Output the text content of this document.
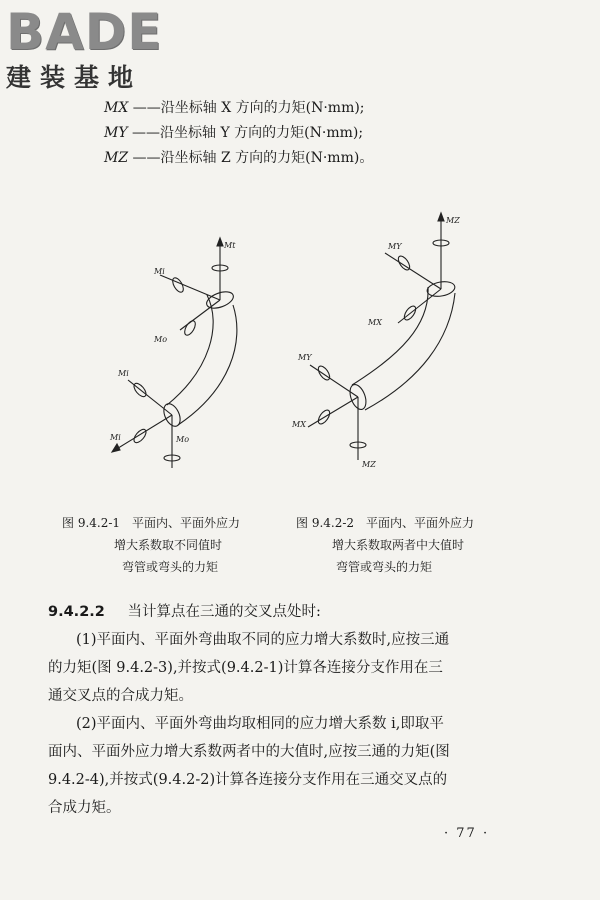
BADE
建装基地
MX ——沿坐标轴 X 方向的力矩(N·mm);
MY ——沿坐标轴 Y 方向的力矩(N·mm);
MZ ——沿坐标轴 Z 方向的力矩(N·mm)。
Mt
Mi
Mo
Mi
Mi	Mo
MZ
MY
MX
MY
MX
MZ
图 9.4.2-1　平面内、平面外应力
增大系数取不同值时
弯管或弯头的力矩
图 9.4.2-2　平面内、平面外应力
增大系数取两者中大值时
弯管或弯头的力矩
9.4.2.2 当计算点在三通的交叉点处时:
(1)平面内、平面外弯曲取不同的应力增大系数时,应按三通
的力矩(图 9.4.2-3),并按式(9.4.2-1)计算各连接分支作用在三
通交叉点的合成力矩。
(2)平面内、平面外弯曲均取相同的应力增大系数 i,即取平
面内、平面外应力增大系数两者中的大值时,应按三通的力矩(图
9.4.2-4),并按式(9.4.2-2)计算各连接分支作用在三通交叉点的
合成力矩。
· 77 ·
